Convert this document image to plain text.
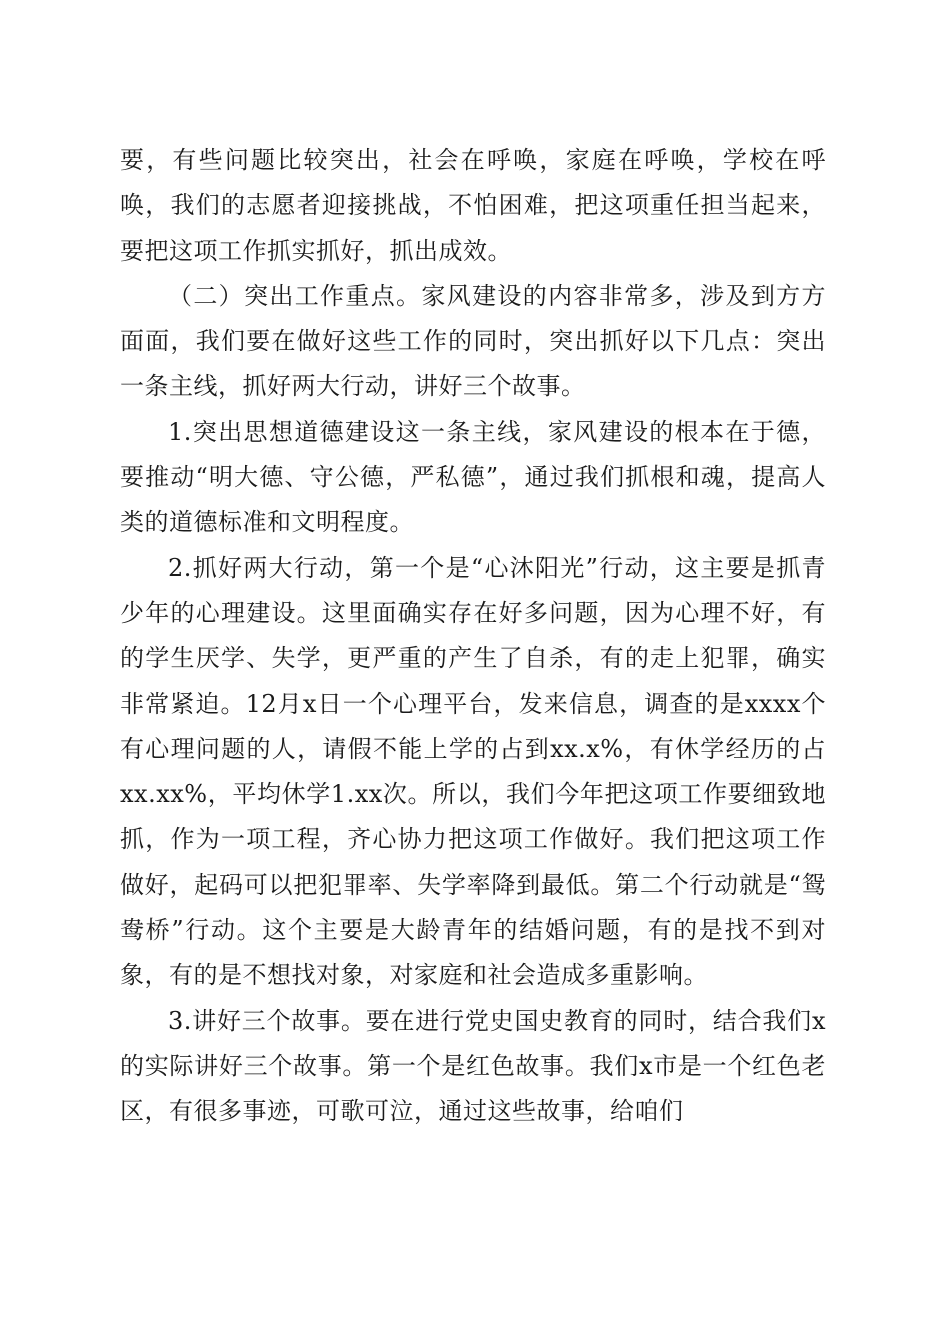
要，有些问题比较突出，社会在呼唤，家庭在呼唤，学校在呼唤，我们的志愿者迎接挑战，不怕困难，把这项重任担当起来，要把这项工作抓实抓好，抓出成效。

（二）突出工作重点。家风建设的内容非常多，涉及到方方面面，我们要在做好这些工作的同时，突出抓好以下几点：突出一条主线，抓好两大行动，讲好三个故事。

1.突出思想道德建设这一条主线，家风建设的根本在于德，要推动“明大德、守公德，严私德”，通过我们抓根和魂，提高人类的道德标准和文明程度。

2.抓好两大行动，第一个是“心沐阳光”行动，这主要是抓青少年的心理建设。这里面确实存在好多问题，因为心理不好，有的学生厌学、失学，更严重的产生了自杀，有的走上犯罪，确实非常紧迫。12月x日一个心理平台，发来信息，调查的是xxxx个有心理问题的人，请假不能上学的占到xx.x%，有休学经历的占xx.xx%，平均休学1.xx次。所以，我们今年把这项工作要细致地抓，作为一项工程，齐心协力把这项工作做好。我们把这项工作做好，起码可以把犯罪率、失学率降到最低。第二个行动就是“鸳鸯桥”行动。这个主要是大龄青年的结婚问题，有的是找不到对象，有的是不想找对象，对家庭和社会造成多重影响。

3.讲好三个故事。要在进行党史国史教育的同时，结合我们x的实际讲好三个故事。第一个是红色故事。我们x市是一个红色老区，有很多事迹，可歌可泣，通过这些故事，给咱们
